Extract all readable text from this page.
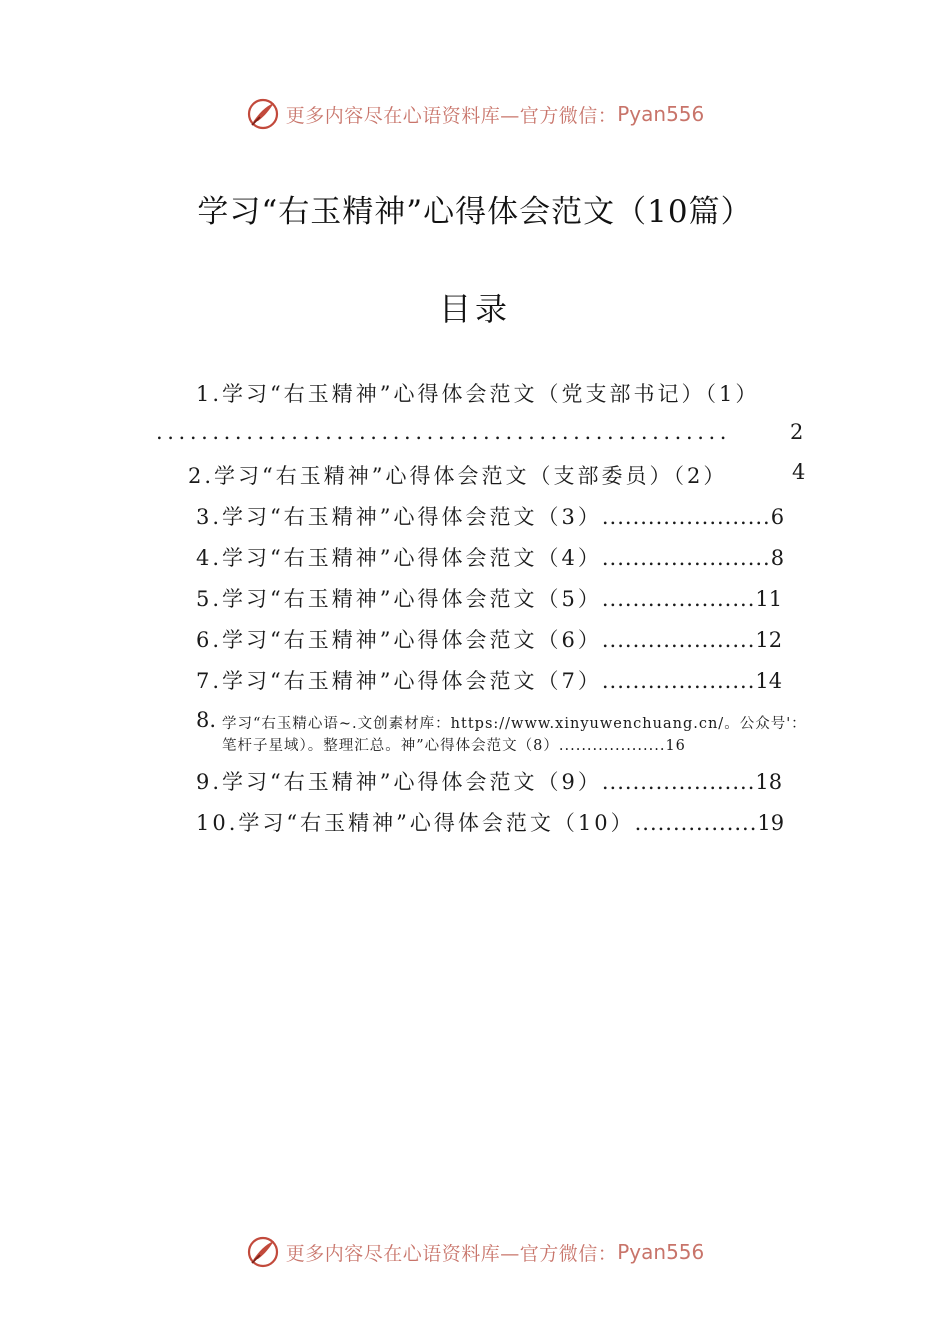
更多内容尽在心语资料库—官方微信： Pyan556
学习“右玉精神”心得体会范文（10篇）
目录
1.学习“右玉精神”心得体会范文（党支部书记）（1）
...................................................	2
2.学习“右玉精神”心得体会范文（支部委员）（2）	4
3.学习“右玉精神”心得体会范文（3）......................6
4.学习“右玉精神”心得体会范文（4）......................8
5.学习“右玉精神”心得体会范文（5）....................11
6.学习“右玉精神”心得体会范文（6）....................12
7.学习“右玉精神”心得体会范文（7）....................14
8. 学习“右玉精心语~.文创素材库：https://www.xinyuwenchuang.cn/。公众号'：
笔杆子星域）。整理汇总。神”心得体会范文（8）...................16
9.学习“右玉精神”心得体会范文（9）....................18
10.学习“右玉精神”心得体会范文（10）................19
更多内容尽在心语资料库—官方微信： Pyan556
